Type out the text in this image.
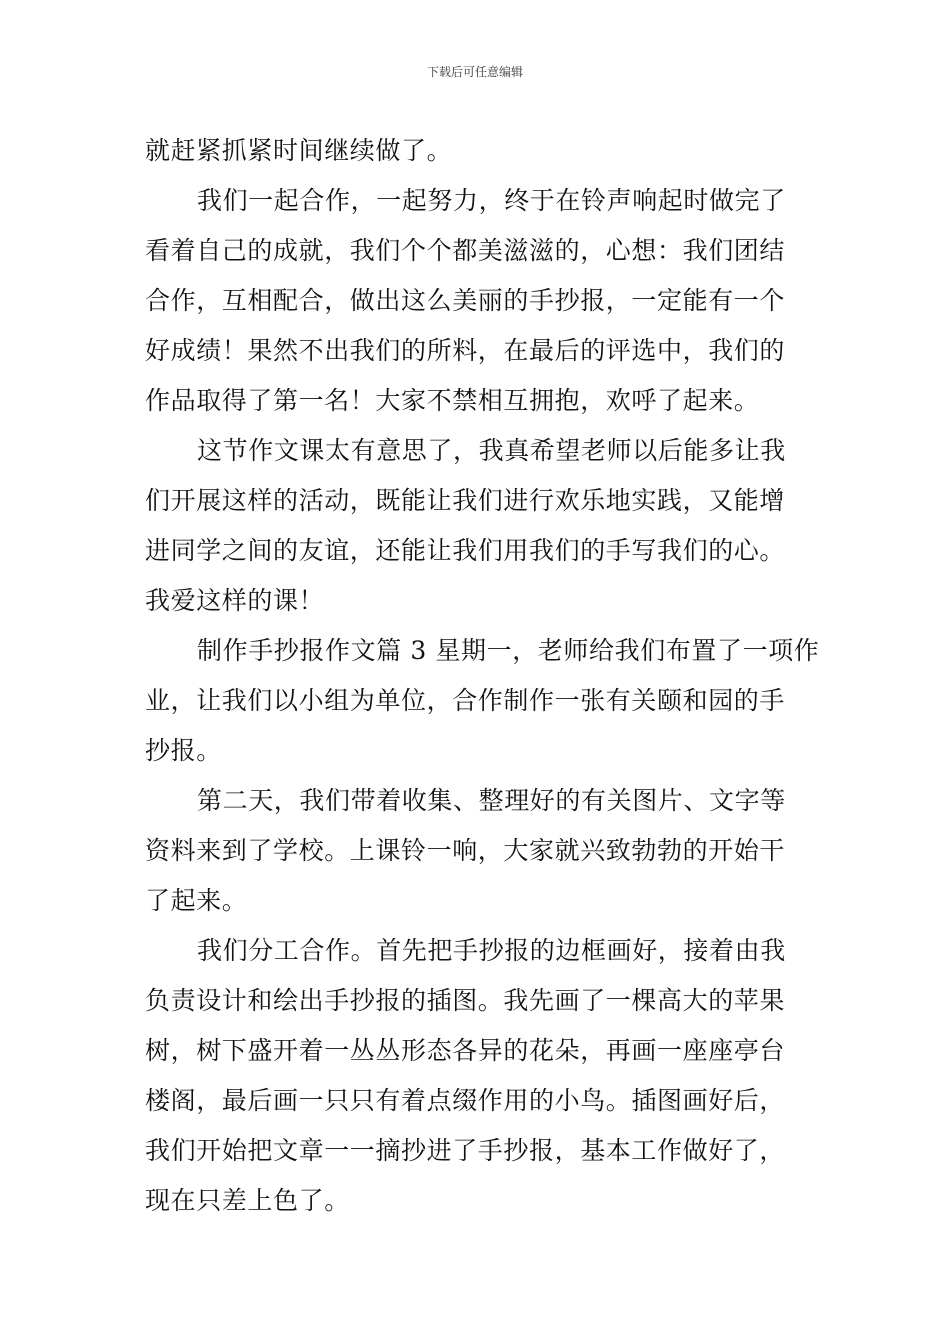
下载后可任意编辑
就赶紧抓紧时间继续做了。
我们一起合作，一起努力，终于在铃声响起时做完了
看着自己的成就，我们个个都美滋滋的，心想：我们团结
合作，互相配合，做出这么美丽的手抄报，一定能有一个
好成绩！果然不出我们的所料，在最后的评选中，我们的
作品取得了第一名！大家不禁相互拥抱，欢呼了起来。
这节作文课太有意思了，我真希望老师以后能多让我
们开展这样的活动，既能让我们进行欢乐地实践，又能增
进同学之间的友谊，还能让我们用我们的手写我们的心。
我爱这样的课！
制作手抄报作文篇 3 星期一，老师给我们布置了一项作
业，让我们以小组为单位，合作制作一张有关颐和园的手
抄报。
第二天，我们带着收集、整理好的有关图片、文字等
资料来到了学校。上课铃一响，大家就兴致勃勃的开始干
了起来。
我们分工合作。首先把手抄报的边框画好，接着由我
负责设计和绘出手抄报的插图。我先画了一棵高大的苹果
树，树下盛开着一丛丛形态各异的花朵，再画一座座亭台
楼阁，最后画一只只有着点缀作用的小鸟。插图画好后，
我们开始把文章一一摘抄进了手抄报，基本工作做好了，
现在只差上色了。
